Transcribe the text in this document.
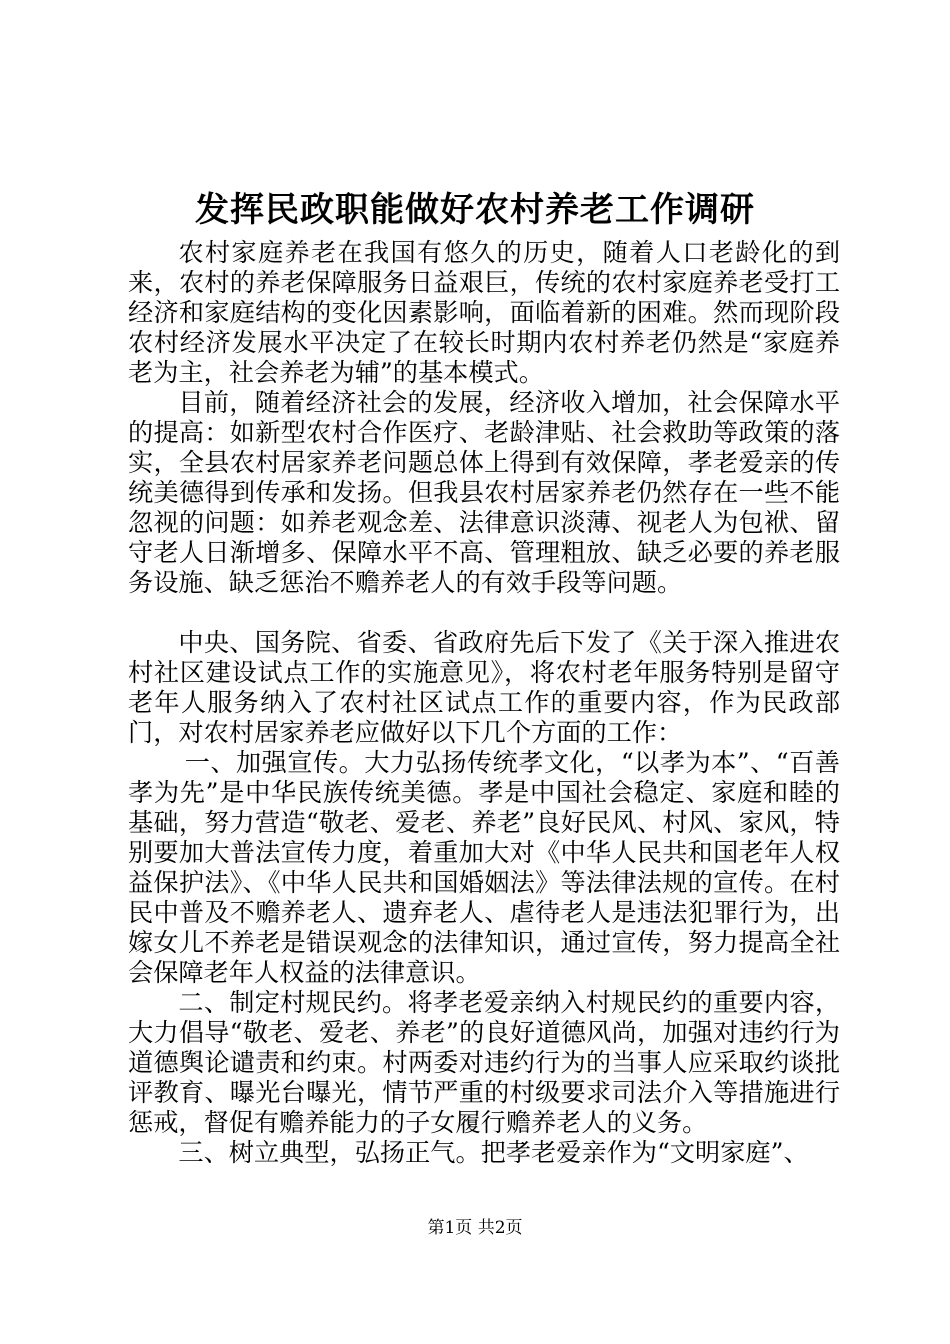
发挥民政职能做好农村养老工作调研

农村家庭养老在我国有悠久的历史，随着人口老龄化的到来，农村的养老保障服务日益艰巨，传统的农村家庭养老受打工经济和家庭结构的变化因素影响，面临着新的困难。然而现阶段农村经济发展水平决定了在较长时期内农村养老仍然是“家庭养老为主，社会养老为辅”的基本模式。

目前，随着经济社会的发展，经济收入增加，社会保障水平的提高：如新型农村合作医疗、老龄津贴、社会救助等政策的落实，全县农村居家养老问题总体上得到有效保障，孝老爱亲的传统美德得到传承和发扬。但我县农村居家养老仍然存在一些不能忽视的问题：如养老观念差、法律意识淡薄、视老人为包袱、留守老人日渐增多、保障水平不高、管理粗放、缺乏必要的养老服务设施、缺乏惩治不赡养老人的有效手段等问题。

中央、国务院、省委、省政府先后下发了《关于深入推进农村社区建设试点工作的实施意见》，将农村老年服务特别是留守老年人服务纳入了农村社区试点工作的重要内容，作为民政部门，对农村居家养老应做好以下几个方面的工作：

一、加强宣传。大力弘扬传统孝文化，“以孝为本”、“百善孝为先”是中华民族传统美德。孝是中国社会稳定、家庭和睦的基础，努力营造“敬老、爱老、养老”良好民风、村风、家风，特别要加大普法宣传力度，着重加大对《中华人民共和国老年人权益保护法》、《中华人民共和国婚姻法》等法律法规的宣传。在村民中普及不赡养老人、遗弃老人、虐待老人是违法犯罪行为，出嫁女儿不养老是错误观念的法律知识，通过宣传，努力提高全社会保障老年人权益的法律意识。

二、制定村规民约。将孝老爱亲纳入村规民约的重要内容，大力倡导“敬老、爱老、养老”的良好道德风尚，加强对违约行为道德舆论谴责和约束。村两委对违约行为的当事人应采取约谈批评教育、曝光台曝光，情节严重的村级要求司法介入等措施进行惩戒，督促有赡养能力的子女履行赡养老人的义务。

三、树立典型，弘扬正气。把孝老爱亲作为“文明家庭”、

第1页 共2页
